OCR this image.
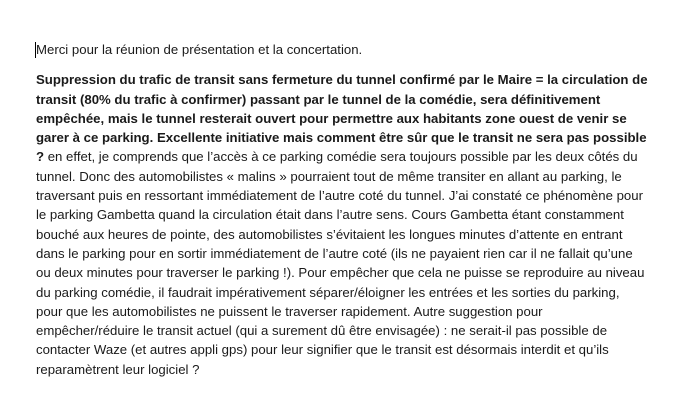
Merci pour la réunion de présentation et la concertation.

Suppression du trafic de transit sans fermeture du tunnel confirmé par le Maire = la circulation de transit (80% du trafic à confirmer) passant par le tunnel de la comédie, sera définitivement empêchée, mais le tunnel resterait ouvert pour permettre aux habitants zone ouest de venir se garer à ce parking. Excellente initiative mais comment être sûr que le transit ne sera pas possible ? en effet, je comprends que l’accès à ce parking comédie sera toujours possible par les deux côtés du tunnel. Donc des automobilistes « malins » pourraient tout de même transiter en allant au parking, le traversant puis en ressortant immédiatement de l’autre coté du tunnel. J’ai constaté ce phénomène pour le parking Gambetta quand la circulation était dans l’autre sens. Cours Gambetta étant constamment bouché aux heures de pointe, des automobilistes s’évitaient les longues minutes d’attente en entrant dans le parking pour en sortir immédiatement de l’autre coté (ils ne payaient rien car il ne fallait qu’une ou deux minutes pour traverser le parking !). Pour empêcher que cela ne puisse se reproduire au niveau du parking comédie, il faudrait impérativement séparer/éloigner les entrées et les sorties du parking, pour que les automobilistes ne puissent le traverser rapidement. Autre suggestion pour empêcher/réduire le transit actuel (qui a surement dû être envisagée) : ne serait-il pas possible de contacter Waze (et autres appli gps) pour leur signifier que le transit est désormais interdit et qu’ils reparamètrent leur logiciel ?
